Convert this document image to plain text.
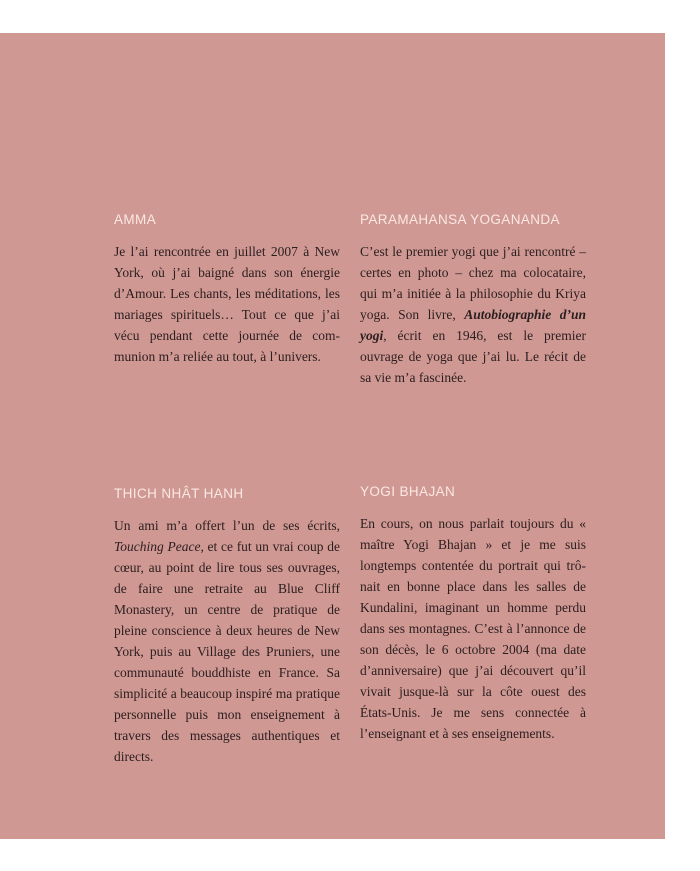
AMMA

Je l’ai rencontrée en juillet 2007 à New York, où j’ai baigné dans son énergie d’Amour. Les chants, les méditations, les mariages spirituels… Tout ce que j’ai vécu pendant cette journée de communion m’a reliée au tout, à l’univers.

PARAMAHANSA YOGANANDA

C’est le premier yogi que j’ai rencontré – certes en photo – chez ma colocataire, qui m’a initiée à la philosophie du Kriya yoga. Son livre, Autobiographie d’un yogi, écrit en 1946, est le premier ouvrage de yoga que j’ai lu. Le récit de sa vie m’a fascinée.

THICH NHÂT HANH

Un ami m’a offert l’un de ses écrits, Touching Peace, et ce fut un vrai coup de cœur, au point de lire tous ses ouvrages, de faire une retraite au Blue Cliff Monastery, un centre de pratique de pleine conscience à deux heures de New York, puis au Village des Pruniers, une communauté bouddhiste en France. Sa simplicité a beaucoup inspiré ma pratique personnelle puis mon enseignement à travers des messages authentiques et directs.

YOGI BHAJAN

En cours, on nous parlait toujours du « maître Yogi Bhajan » et je me suis longtemps contentée du portrait qui trônait en bonne place dans les salles de Kundalini, imaginant un homme perdu dans ses montagnes. C’est à l’annonce de son décès, le 6 octobre 2004 (ma date d’anniversaire) que j’ai découvert qu’il vivait jusque-là sur la côte ouest des États-Unis. Je me sens connectée à l’enseignant et à ses enseignements.
